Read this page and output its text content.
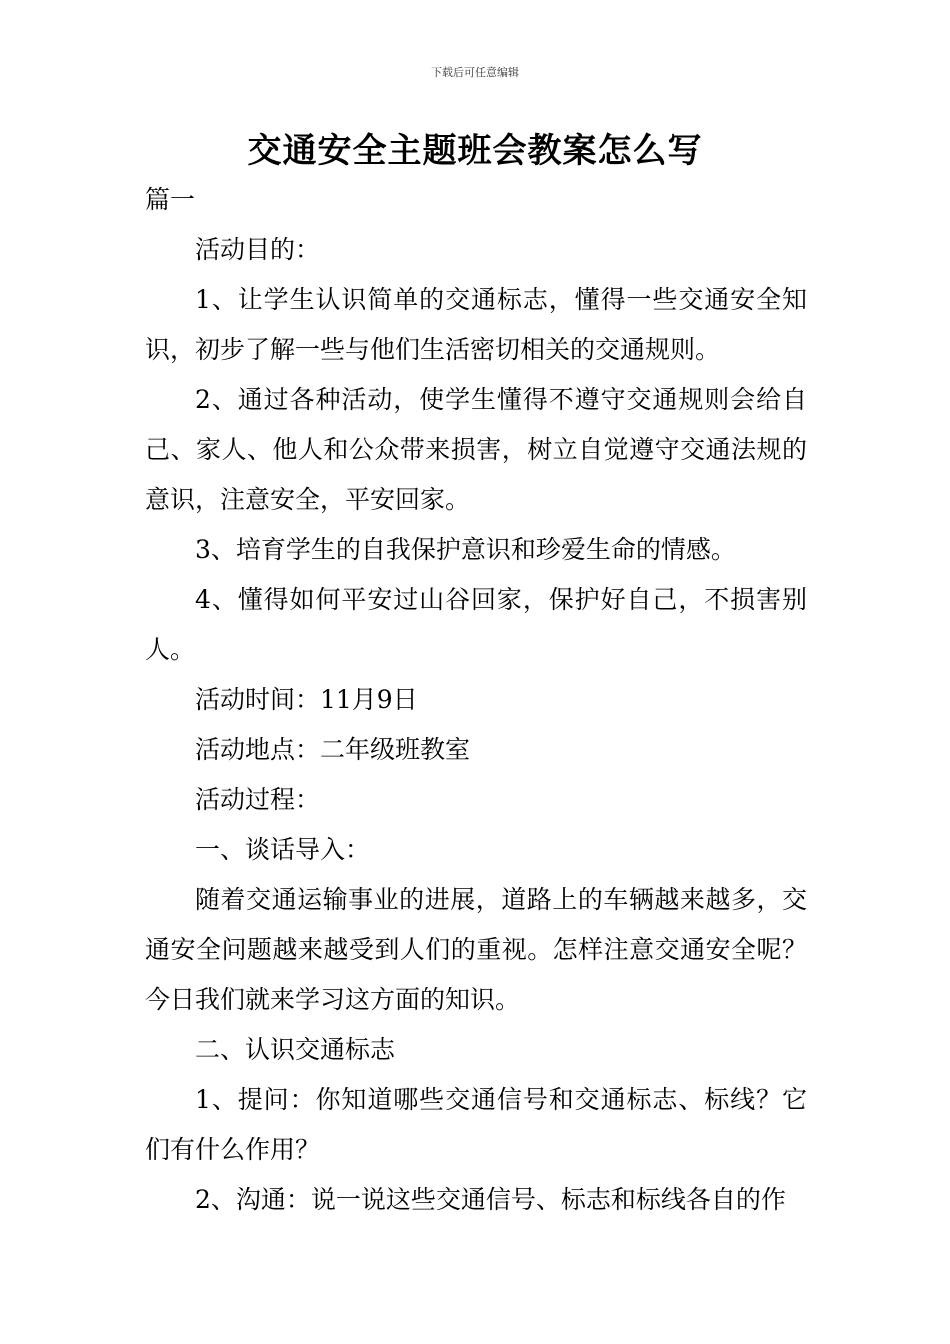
下载后可任意编辑
交通安全主题班会教案怎么写

篇一

活动目的：

1、让学生认识简单的交通标志，懂得一些交通安全知识，初步了解一些与他们生活密切相关的交通规则。

2、通过各种活动，使学生懂得不遵守交通规则会给自己、家人、他人和公众带来损害，树立自觉遵守交通法规的意识，注意安全，平安回家。

3、培育学生的自我保护意识和珍爱生命的情感。

4、懂得如何平安过山谷回家，保护好自己，不损害别人。

活动时间：11月9日

活动地点：二年级班教室

活动过程：

一、谈话导入：

随着交通运输事业的进展，道路上的车辆越来越多，交通安全问题越来越受到人们的重视。怎样注意交通安全呢？今日我们就来学习这方面的知识。

二、认识交通标志

1、提问：你知道哪些交通信号和交通标志、标线？它们有什么作用？

2、沟通：说一说这些交通信号、标志和标线各自的作
